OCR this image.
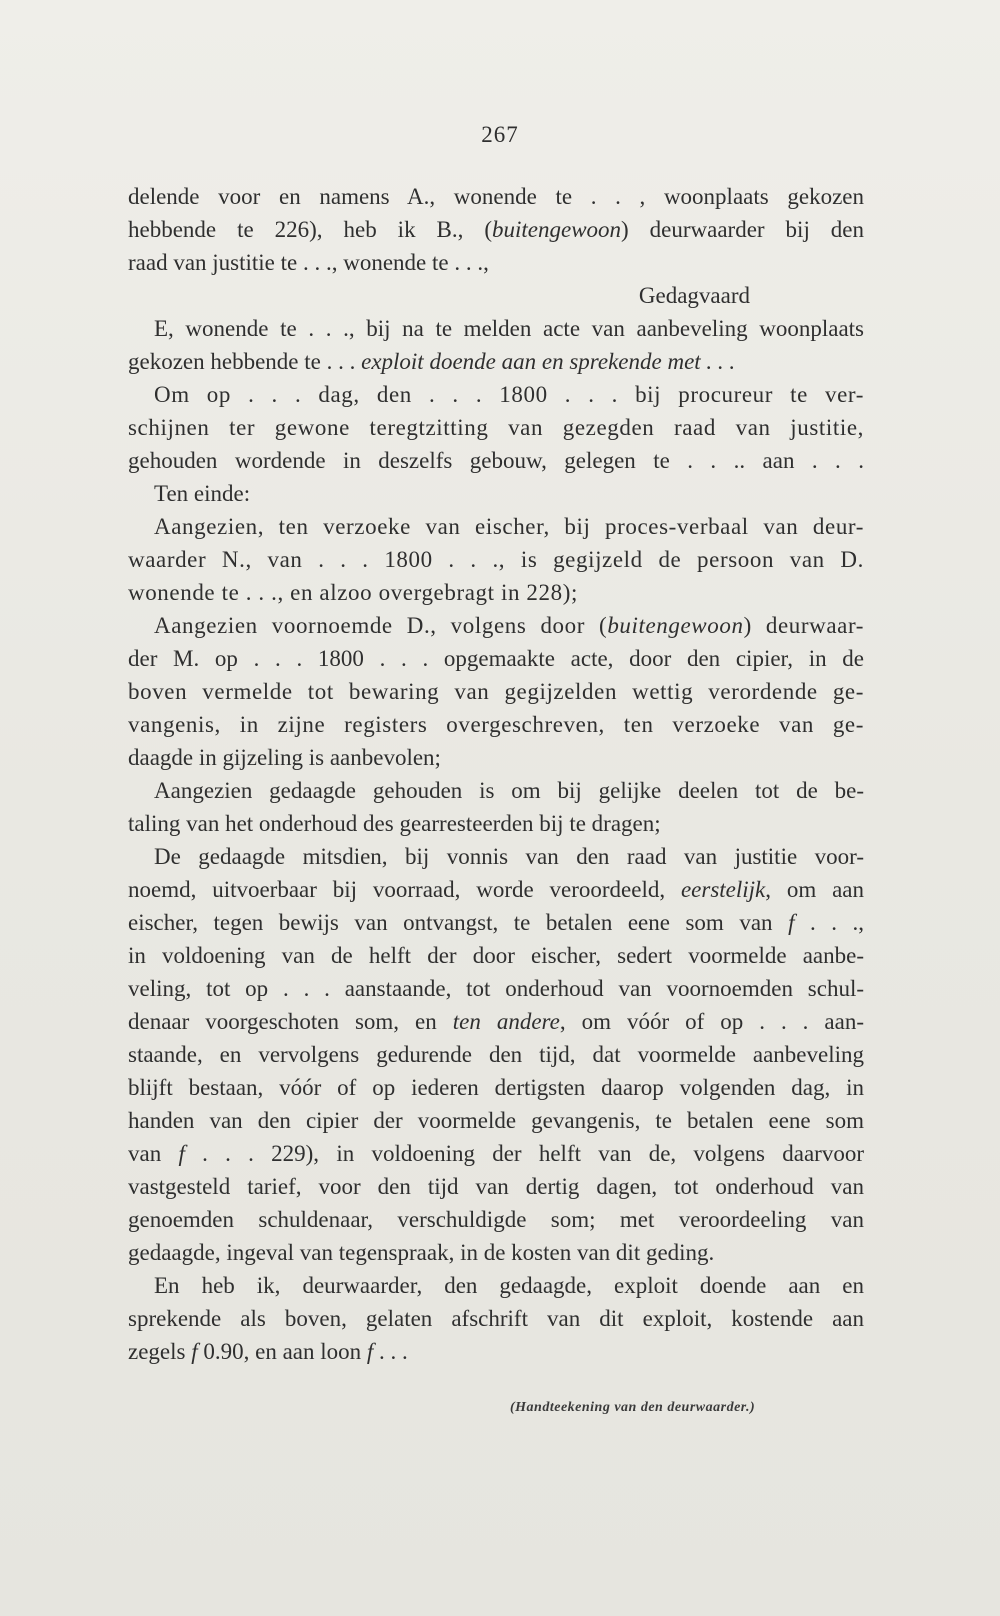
267
delende voor en namens A., wonende te . . , woonplaats gekozen
hebbende te 226), heb ik B., (buitengewoon) deurwaarder bij den
raad van justitie te . . ., wonende te . . .,
Gedagvaard
E, wonende te . . ., bij na te melden acte van aanbeveling woonplaats
gekozen hebbende te . . . exploit doende aan en sprekende met . . .
Om op . . . dag, den . . . 1800 . . . bij procureur te ver-
schijnen ter gewone teregtzitting van gezegden raad van justitie,
gehouden wordende in deszelfs gebouw, gelegen te . . .. aan . . .
Ten einde:
Aangezien, ten verzoeke van eischer, bij proces-verbaal van deur-
waarder N., van . . . 1800 . . ., is gegijzeld de persoon van D.
wonende te . . ., en alzoo overgebragt in 228);
Aangezien voornoemde D., volgens door (buitengewoon) deurwaar-
der M. op . . . 1800 . . . opgemaakte acte, door den cipier, in de
boven vermelde tot bewaring van gegijzelden wettig verordende ge-
vangenis, in zijne registers overgeschreven, ten verzoeke van ge-
daagde in gijzeling is aanbevolen;
Aangezien gedaagde gehouden is om bij gelijke deelen tot de be-
taling van het onderhoud des gearresteerden bij te dragen;
De gedaagde mitsdien, bij vonnis van den raad van justitie voor-
noemd, uitvoerbaar bij voorraad, worde veroordeeld, eerstelijk, om aan
eischer, tegen bewijs van ontvangst, te betalen eene som van f . . .,
in voldoening van de helft der door eischer, sedert voormelde aanbe-
veling, tot op . . . aanstaande, tot onderhoud van voornoemden schul-
denaar voorgeschoten som, en ten andere, om vóór of op . . . aan-
staande, en vervolgens gedurende den tijd, dat voormelde aanbeveling
blijft bestaan, vóór of op iederen dertigsten daarop volgenden dag, in
handen van den cipier der voormelde gevangenis, te betalen eene som
van f . . . 229), in voldoening der helft van de, volgens daarvoor
vastgesteld tarief, voor den tijd van dertig dagen, tot onderhoud van
genoemden schuldenaar, verschuldigde som; met veroordeeling van
gedaagde, ingeval van tegenspraak, in de kosten van dit geding.
En heb ik, deurwaarder, den gedaagde, exploit doende aan en
sprekende als boven, gelaten afschrift van dit exploit, kostende aan
zegels f 0.90, en aan loon f . . .
(Handteekening van den deurwaarder.)
